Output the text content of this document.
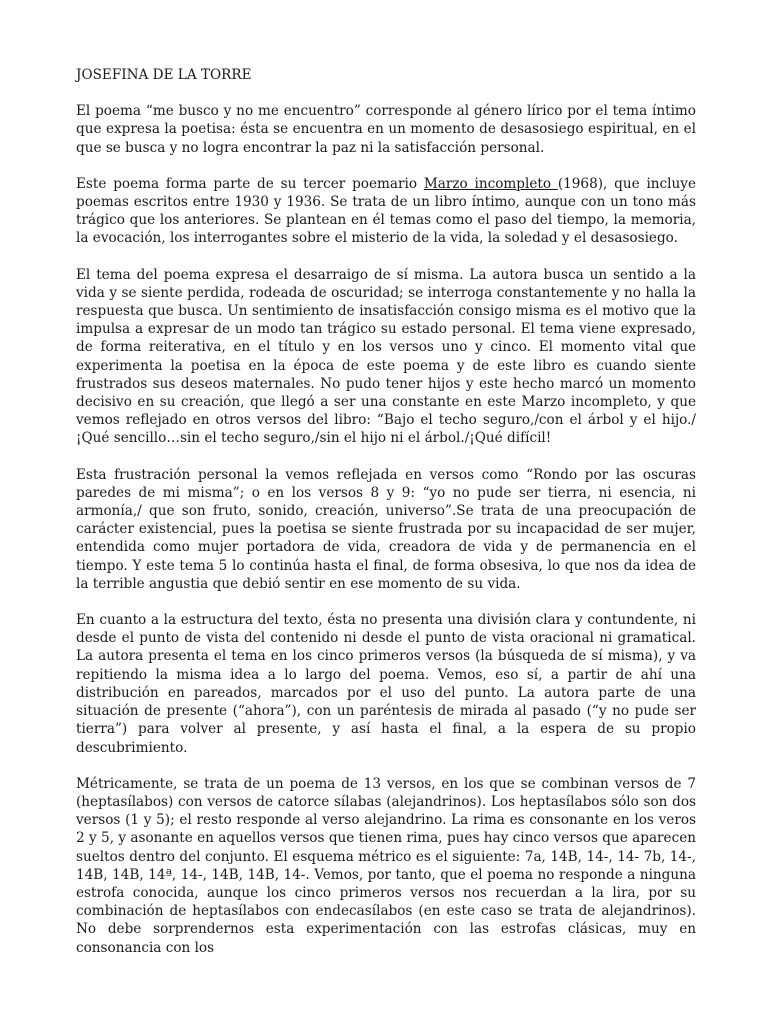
JOSEFINA DE LA TORRE

El poema “me busco y no me encuentro” corresponde al género lírico por el tema íntimo que expresa la poetisa: ésta se encuentra en un momento de desasosiego espiritual, en el que se busca y no logra encontrar la paz ni la satisfacción personal.

Este poema forma parte de su tercer poemario Marzo incompleto (1968), que incluye poemas escritos entre 1930 y 1936. Se trata de un libro íntimo, aunque con un tono más trágico que los anteriores. Se plantean en él temas como el paso del tiempo, la memoria, la evocación, los interrogantes sobre el misterio de la vida, la soledad y el desasosiego.

El tema del poema expresa el desarraigo de sí misma. La autora busca un sentido a la vida y se siente perdida, rodeada de oscuridad; se interroga constantemente y no halla la respuesta que busca. Un sentimiento de insatisfacción consigo misma es el motivo que la impulsa a expresar de un modo tan trágico su estado personal. El tema viene expresado, de forma reiterativa, en el título y en los versos uno y cinco. El momento vital que experimenta la poetisa en la época de este poema y de este libro es cuando siente frustrados sus deseos maternales. No pudo tener hijos y este hecho marcó un momento decisivo en su creación, que llegó a ser una constante en este Marzo incompleto, y que vemos reflejado en otros versos del libro: “Bajo el techo seguro,/con el árbol y el hijo./¡Qué sencillo…sin el techo seguro,/sin el hijo ni el árbol./¡Qué difícil!

Esta frustración personal la vemos reflejada en versos como “Rondo por las oscuras paredes de mi misma”; o en los versos 8 y 9: “yo no pude ser tierra, ni esencia, ni armonía,/ que son fruto, sonido, creación, universo”.Se trata de una preocupación de carácter existencial, pues la poetisa se siente frustrada por su incapacidad de ser mujer, entendida como mujer portadora de vida, creadora de vida y de permanencia en el tiempo. Y este tema 5 lo continúa hasta el final, de forma obsesiva, lo que nos da idea de la terrible angustia que debió sentir en ese momento de su vida.

En cuanto a la estructura del texto, ésta no presenta una división clara y contundente, ni desde el punto de vista del contenido ni desde el punto de vista oracional ni gramatical. La autora presenta el tema en los cinco primeros versos (la búsqueda de sí misma), y va repitiendo la misma idea a lo largo del poema. Vemos, eso sí, a partir de ahí una distribución en pareados, marcados por el uso del punto. La autora parte de una situación de presente (“ahora”), con un paréntesis de mirada al pasado (“y no pude ser tierra”) para volver al presente, y así hasta el final, a la espera de su propio descubrimiento.

Métricamente, se trata de un poema de 13 versos, en los que se combinan versos de 7 (heptasílabos) con versos de catorce sílabas (alejandrinos). Los heptasílabos sólo son dos versos (1 y 5); el resto responde al verso alejandrino. La rima es consonante en los veros 2 y 5, y asonante en aquellos versos que tienen rima, pues hay cinco versos que aparecen sueltos dentro del conjunto. El esquema métrico es el siguiente: 7a, 14B, 14-, 14- 7b, 14-, 14B, 14B, 14ª, 14-, 14B, 14B, 14-. Vemos, por tanto, que el poema no responde a ninguna estrofa conocida, aunque los cinco primeros versos nos recuerdan a la lira, por su combinación de heptasílabos con endecasílabos (en este caso se trata de alejandrinos). No debe sorprendernos esta experimentación con las estrofas clásicas, muy en consonancia con los
